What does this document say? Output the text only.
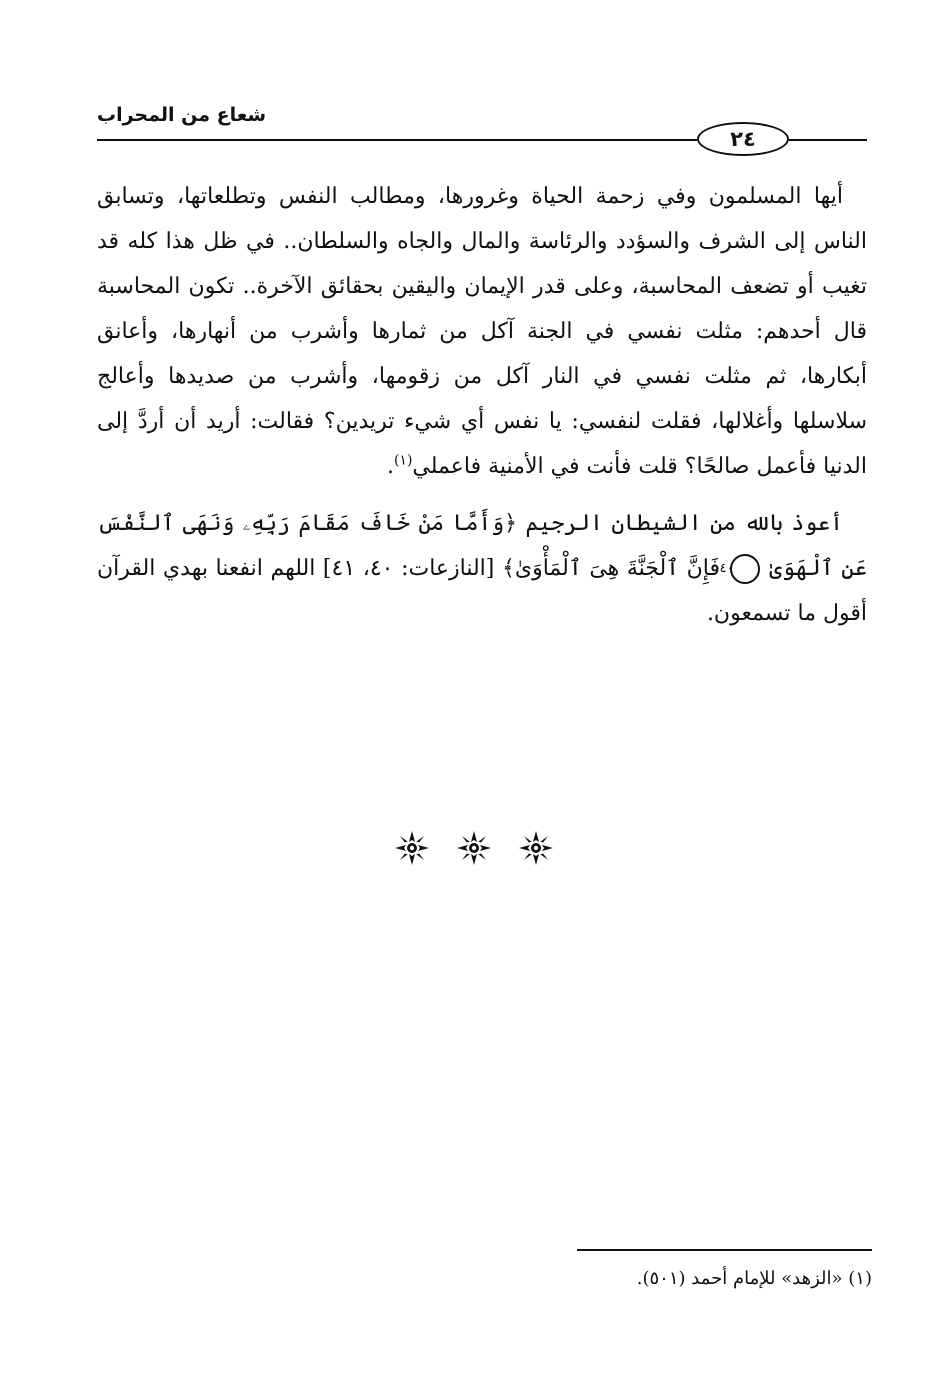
شعاع من المحراب
٢٤

أيها المسلمون وفي زحمة الحياة وغرورها، ومطالب النفس وتطلعاتها، وتسابق الناس إلى الشرف والسؤدد والرئاسة والمال والجاه والسلطان.. في ظل هذا كله قد تغيب أو تضعف المحاسبة، وعلى قدر الإيمان واليقين بحقائق الآخرة.. تكون المحاسبة قال أحدهم: مثلت نفسي في الجنة آكل من ثمارها وأشرب من أنهارها، وأعانق أبكارها، ثم مثلت نفسي في النار آكل من زقومها، وأشرب من صديدها وأعالج سلاسلها وأغلالها، فقلت لنفسي: يا نفس أي شيء تريدين؟ فقالت: أريد أن أردَّ إلى الدنيا فأعمل صالحًا؟ قلت فأنت في الأمنية فاعملي$^{(١)}$.

أعوذ بالله من الشيطان الرجيم ﴿وَأَمَّا مَنْ خَافَ مَقَامَ رَبِّهِۦ وَنَهَى ٱلنَّفْسَ عَنِ ٱلْهَوَىٰ ٤٠ فَإِنَّ ٱلْجَنَّةَ هِىَ ٱلْمَأْوَىٰ﴾ [النازعات: ٤٠، ٤١] اللهم انفعنا بهدي القرآن أقول ما تسمعون.

(١) «الزهد» للإمام أحمد (٥٠١).
